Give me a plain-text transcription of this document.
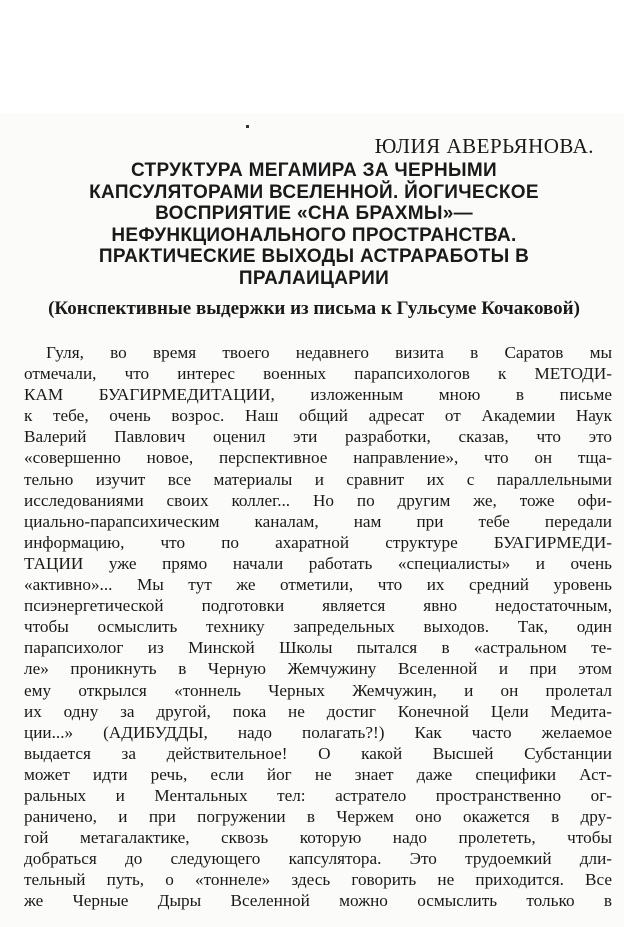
ЮЛИЯ АВЕРЬЯНОВА.
СТРУКТУРА МЕГАМИРА ЗА ЧЕРНЫМИ
КАПСУЛЯТОРАМИ ВСЕЛЕННОЙ. ЙОГИЧЕСКОЕ
ВОСПРИЯТИЕ «СНА БРАХМЫ»—
НЕФУНКЦИОНАЛЬНОГО ПРОСТРАНСТВА.
ПРАКТИЧЕСКИЕ ВЫХОДЫ АСТРАРАБОТЫ В
ПРАЛАИЦАРИИ
(Конспективные выдержки из письма к Гульсуме Кочаковой)
Гуля, во время твоего недавнего визита в Саратов мы
отмечали, что интерес военных парапсихологов к МЕТОДИ-
КАМ БУАГИРМЕДИТАЦИИ, изложенным мною в письме
к тебе, очень возрос. Наш общий адресат от Академии Наук
Валерий Павлович оценил эти разработки, сказав, что это
«совершенно новое, перспективное направление», что он тща-
тельно изучит все материалы и сравнит их с параллельными
исследованиями своих коллег... Но по другим же, тоже офи-
циально-парапсихическим каналам, нам при тебе передали
информацию, что по ахаратной структуре БУАГИРМЕДИ-
ТАЦИИ уже прямо начали работать «специалисты» и очень
«активно»... Мы тут же отметили, что их средний уровень
псиэнергетической подготовки является явно недостаточным,
чтобы осмыслить технику запредельных выходов. Так, один
парапсихолог из Минской Школы пытался в «астральном те-
ле» проникнуть в Черную Жемчужину Вселенной и при этом
ему открылся «тоннель Черных Жемчужин, и он пролетал
их одну за другой, пока не достиг Конечной Цели Медита-
ции...» (АДИБУДДЫ, надо полагать?!) Как часто желаемое
выдается за действительное! О какой Высшей Субстанции
может идти речь, если йог не знает даже специфики Аст-
ральных и Ментальных тел: астратело пространственно ог-
раничено, и при погружении в Чержем оно окажется в дру-
гой метагалактике, сквозь которую надо пролететь, чтобы
добраться до следующего капсулятора. Это трудоемкий дли-
тельный путь, о «тоннеле» здесь говорить не приходится. Все
же Черные Дыры Вселенной можно осмыслить только в
